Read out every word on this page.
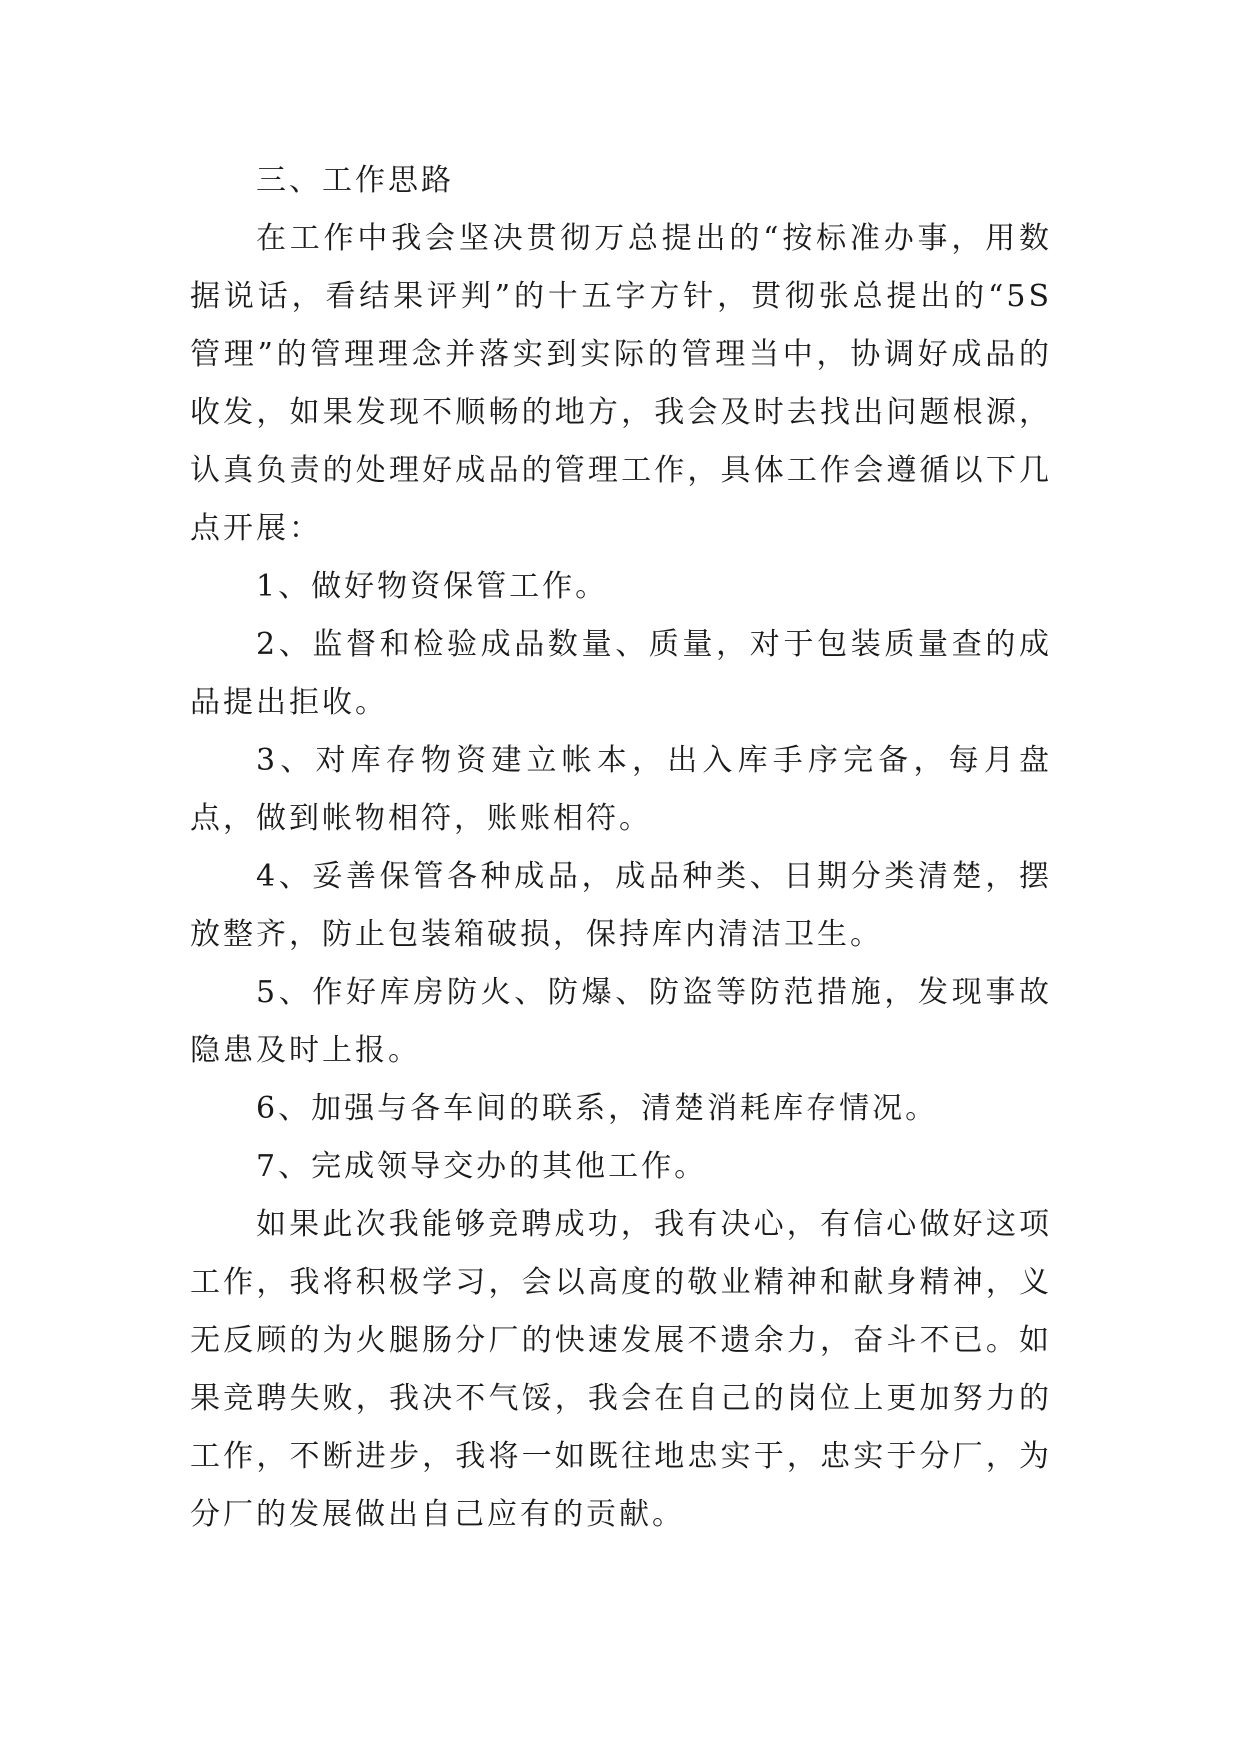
三、工作思路

在工作中我会坚决贯彻万总提出的“按标准办事，用数据说话，看结果评判”的十五字方针，贯彻张总提出的“5S管理”的管理理念并落实到实际的管理当中，协调好成品的收发，如果发现不顺畅的地方，我会及时去找出问题根源，认真负责的处理好成品的管理工作，具体工作会遵循以下几点开展：

1、做好物资保管工作。

2、监督和检验成品数量、质量，对于包装质量查的成品提出拒收。

3、对库存物资建立帐本，出入库手序完备，每月盘点，做到帐物相符，账账相符。

4、妥善保管各种成品，成品种类、日期分类清楚，摆放整齐，防止包装箱破损，保持库内清洁卫生。

5、作好库房防火、防爆、防盗等防范措施，发现事故隐患及时上报。

6、加强与各车间的联系，清楚消耗库存情况。

7、完成领导交办的其他工作。

如果此次我能够竞聘成功，我有决心，有信心做好这项工作，我将积极学习，会以高度的敬业精神和献身精神，义无反顾的为火腿肠分厂的快速发展不遗余力，奋斗不已。如果竞聘失败，我决不气馁，我会在自己的岗位上更加努力的工作，不断进步，我将一如既往地忠实于，忠实于分厂，为分厂的发展做出自己应有的贡献。
